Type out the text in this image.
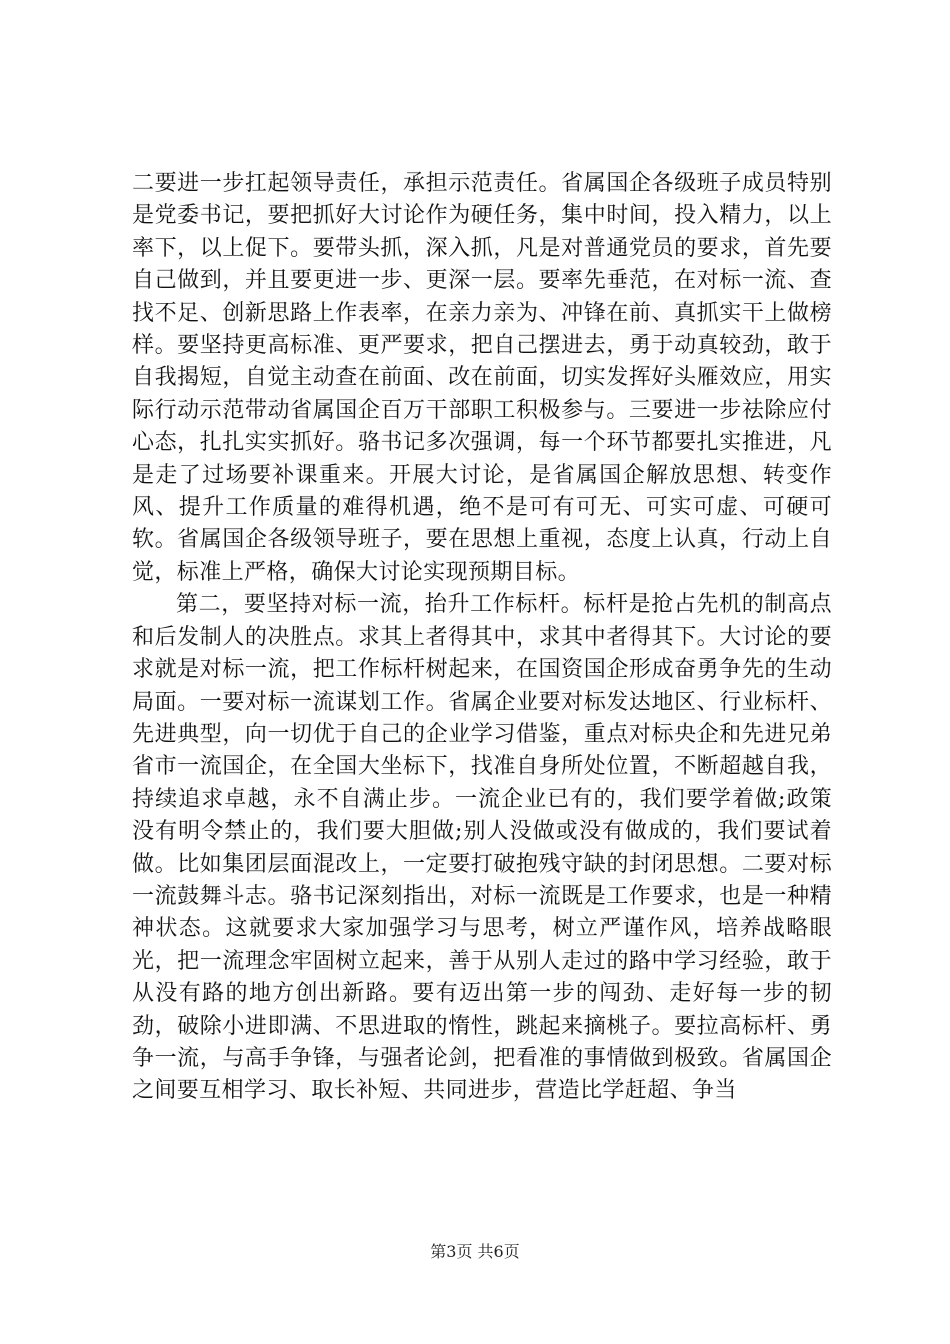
二要进一步扛起领导责任，承担示范责任。省属国企各级班子成员特别是党委书记，要把抓好大讨论作为硬任务，集中时间，投入精力，以上率下，以上促下。要带头抓，深入抓，凡是对普通党员的要求，首先要自己做到，并且要更进一步、更深一层。要率先垂范，在对标一流、查找不足、创新思路上作表率，在亲力亲为、冲锋在前、真抓实干上做榜样。要坚持更高标准、更严要求，把自己摆进去，勇于动真较劲，敢于自我揭短，自觉主动查在前面、改在前面，切实发挥好头雁效应，用实际行动示范带动省属国企百万干部职工积极参与。三要进一步祛除应付心态，扎扎实实抓好。骆书记多次强调，每一个环节都要扎实推进，凡是走了过场要补课重来。开展大讨论，是省属国企解放思想、转变作风、提升工作质量的难得机遇，绝不是可有可无、可实可虚、可硬可软。省属国企各级领导班子，要在思想上重视，态度上认真，行动上自觉，标准上严格，确保大讨论实现预期目标。

第二，要坚持对标一流，抬升工作标杆。标杆是抢占先机的制高点和后发制人的决胜点。求其上者得其中，求其中者得其下。大讨论的要求就是对标一流，把工作标杆树起来，在国资国企形成奋勇争先的生动局面。一要对标一流谋划工作。省属企业要对标发达地区、行业标杆、先进典型，向一切优于自己的企业学习借鉴，重点对标央企和先进兄弟省市一流国企，在全国大坐标下，找准自身所处位置，不断超越自我，持续追求卓越，永不自满止步。一流企业已有的，我们要学着做;政策没有明令禁止的，我们要大胆做;别人没做或没有做成的，我们要试着做。比如集团层面混改上，一定要打破抱残守缺的封闭思想。二要对标一流鼓舞斗志。骆书记深刻指出，对标一流既是工作要求，也是一种精神状态。这就要求大家加强学习与思考，树立严谨作风，培养战略眼光，把一流理念牢固树立起来，善于从别人走过的路中学习经验，敢于从没有路的地方创出新路。要有迈出第一步的闯劲、走好每一步的韧劲，破除小进即满、不思进取的惰性，跳起来摘桃子。要拉高标杆、勇争一流，与高手争锋，与强者论剑，把看准的事情做到极致。省属国企之间要互相学习、取长补短、共同进步，营造比学赶超、争当

第3页 共6页
